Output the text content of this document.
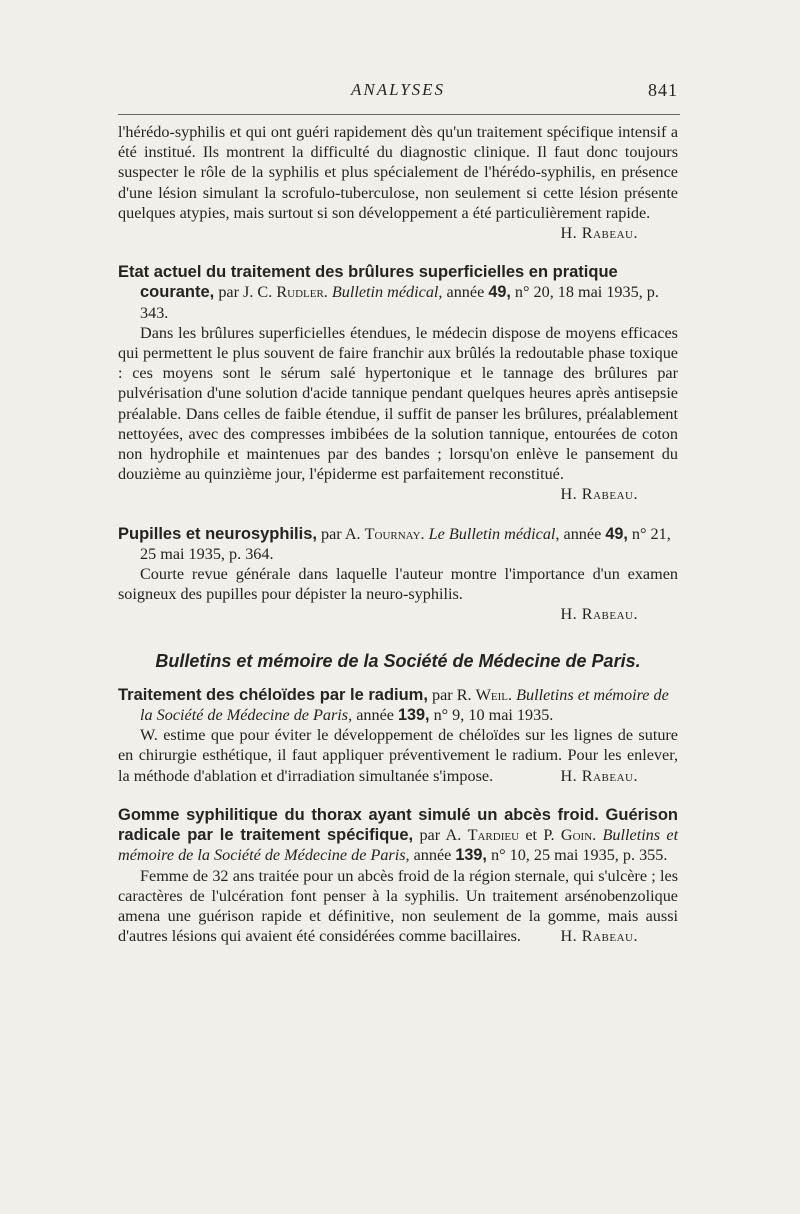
ANALYSES	841

l'hérédo-syphilis et qui ont guéri rapidement dès qu'un traitement spécifique intensif a été institué. Ils montrent la difficulté du diagnostic clinique. Il faut donc toujours suspecter le rôle de la syphilis et plus spécialement de l'hérédo-syphilis, en présence d'une lésion simulant la scrofulo-tuberculose, non seulement si cette lésion présente quelques atypies, mais surtout si son développement a été particulièrement rapide.

H. Rabeau.

Etat actuel du traitement des brûlures superficielles en pratique courante, par J. C. Rudler. Bulletin médical, année 49, n° 20, 18 mai 1935, p. 343.

Dans les brûlures superficielles étendues, le médecin dispose de moyens efficaces qui permettent le plus souvent de faire franchir aux brûlés la redoutable phase toxique : ces moyens sont le sérum salé hypertonique et le tannage des brûlures par pulvérisation d'une solution d'acide tannique pendant quelques heures après antisepsie préalable. Dans celles de faible étendue, il suffit de panser les brûlures, préalablement nettoyées, avec des compresses imbibées de la solution tannique, entourées de coton non hydrophile et maintenues par des bandes ; lorsqu'on enlève le pansement du douzième au quinzième jour, l'épiderme est parfaitement reconstitué.
H. Rabeau.

Pupilles et neurosyphilis, par A. Tournay. Le Bulletin médical, année 49, n° 21, 25 mai 1935, p. 364.

Courte revue générale dans laquelle l'auteur montre l'importance d'un examen soigneux des pupilles pour dépister la neuro-syphilis.

H. Rabeau.

Bulletins et mémoire de la Société de Médecine de Paris.

Traitement des chéloïdes par le radium, par R. Weil. Bulletins et mémoire de la Société de Médecine de Paris, année 139, n° 9, 10 mai 1935.

W. estime que pour éviter le développement de chéloïdes sur les lignes de suture en chirurgie esthétique, il faut appliquer préventivement le radium. Pour les enlever, la méthode d'ablation et d'irradiation simultanée s'impose.	H. Rabeau.

Gomme syphilitique du thorax ayant simulé un abcès froid. Guérison radicale par le traitement spécifique, par A. Tardieu et P. Goin. Bulletins et mémoire de la Société de Médecine de Paris, année 139, n° 10, 25 mai 1935, p. 355.

Femme de 32 ans traitée pour un abcès froid de la région sternale, qui s'ulcère ; les caractères de l'ulcération font penser à la syphilis. Un traitement arsénobenzolique amena une guérison rapide et définitive, non seulement de la gomme, mais aussi d'autres lésions qui avaient été considérées comme bacillaires.	H. Rabeau.
